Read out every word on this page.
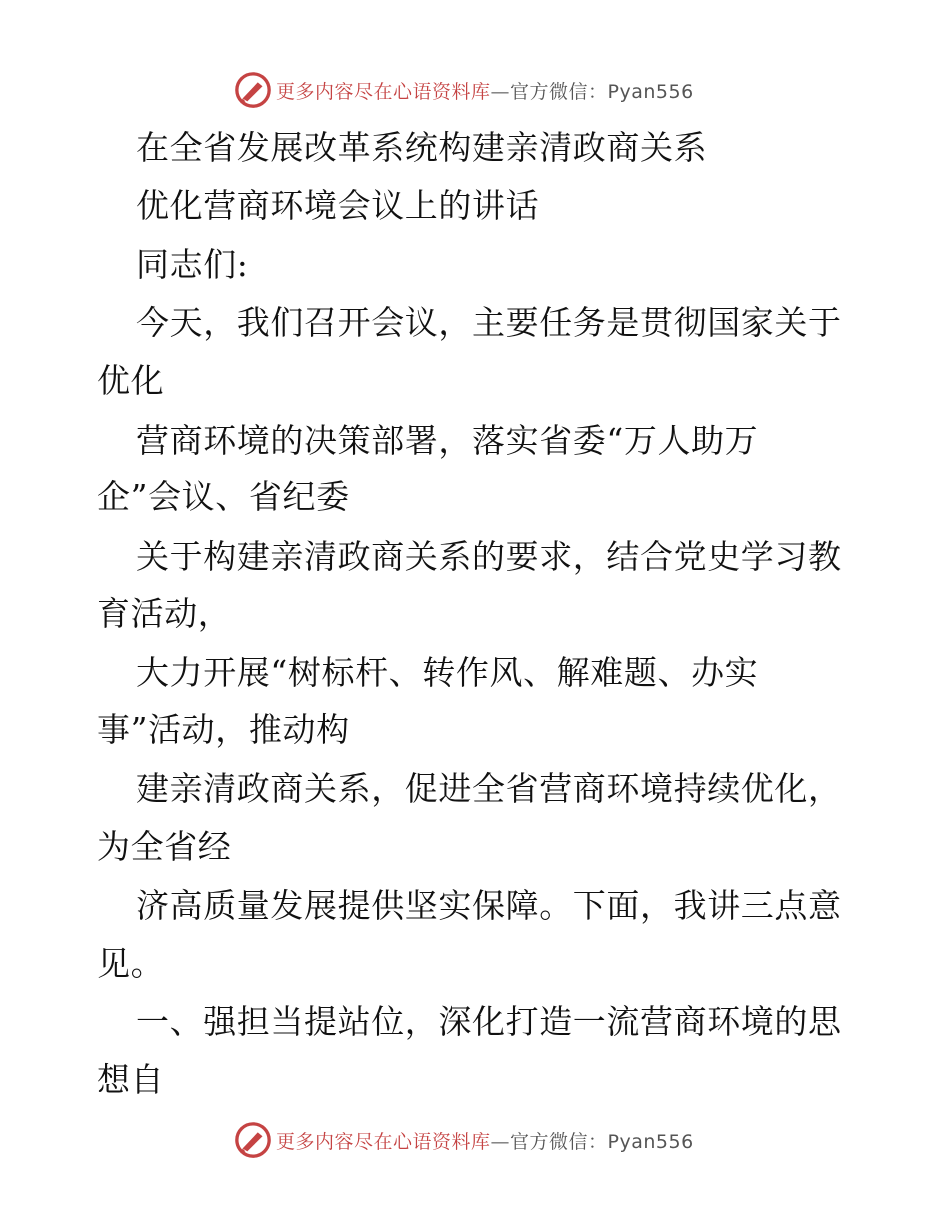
更多内容尽在心语资料库—官方微信：Pyan556
在全省发展改革系统构建亲清政商关系
优化营商环境会议上的讲话
同志们:
今天，我们召开会议，主要任务是贯彻国家关于
优化
营商环境的决策部署，落实省委“万人助万
企”会议、省纪委
关于构建亲清政商关系的要求，结合党史学习教
育活动，
大力开展“树标杆、转作风、解难题、办实
事”活动，推动构
建亲清政商关系，促进全省营商环境持续优化，
为全省经
济高质量发展提供坚实保障。下面，我讲三点意
见。
一、强担当提站位，深化打造一流营商环境的思
想自
更多内容尽在心语资料库—官方微信：Pyan556
